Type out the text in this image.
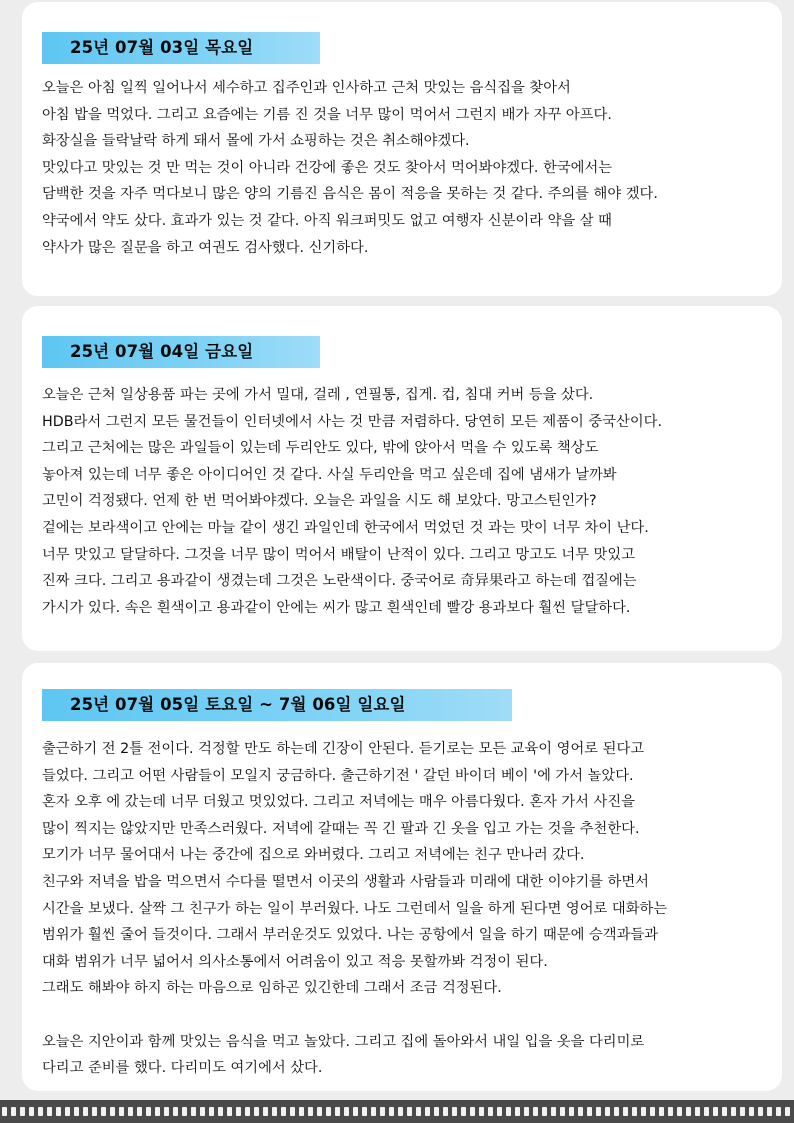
25년 07월 03일 목요일
오늘은 아침 일찍 일어나서 세수하고 집주인과 인사하고 근처 맛있는 음식집을 찾아서
아침 밥을 먹었다. 그리고 요즘에는 기름 진 것을 너무 많이 먹어서 그런지 배가 자꾸 아프다.
화장실을 들락날락 하게 돼서 몰에 가서 쇼핑하는 것은 취소해야겠다.
맛있다고 맛있는 것 만 먹는 것이 아니라 건강에 좋은 것도 찾아서 먹어봐야겠다. 한국에서는
담백한 것을 자주 먹다보니 많은 양의 기름진 음식은 몸이 적응을 못하는 것 같다. 주의를 해야 겠다.
약국에서 약도 샀다. 효과가 있는 것 같다. 아직 워크퍼밋도 없고 여행자 신분이라 약을 살 때
약사가 많은 질문을 하고 여권도 검사했다. 신기하다.
25년 07월 04일 금요일
오늘은 근처 일상용품 파는 곳에 가서 밀대, 걸레 , 연필통, 집게. 컵, 침대 커버 등을 샀다.
HDB라서 그런지 모든 물건들이 인터넷에서 사는 것 만큼 저렴하다. 당연히 모든 제품이 중국산이다.
그리고 근처에는 많은 과일들이 있는데 두리안도 있다, 밖에 앉아서 먹을 수 있도록 책상도
놓아져 있는데 너무 좋은 아이디어인 것 같다. 사실 두리안을 먹고 싶은데 집에 냄새가 날까봐
고민이 걱정됐다. 언제 한 번 먹어봐야겠다. 오늘은 과일을 시도 해 보았다. 망고스틴인가?
겉에는 보라색이고 안에는 마늘 같이 생긴 과일인데 한국에서 먹었던 것 과는 맛이 너무 차이 난다.
너무 맛있고 달달하다. 그것을 너무 많이 먹어서 배탈이 난적이 있다. 그리고 망고도 너무 맛있고
진짜 크다. 그리고 용과같이 생겼는데 그것은 노란색이다. 중국어로 奇异果라고 하는데 껍질에는
가시가 있다. 속은 흰색이고 용과같이 안에는 씨가 많고 흰색인데 빨강 용과보다 훨씬 달달하다.
25년 07월 05일 토요일 ~ 7월 06일 일요일
출근하기 전 2틀 전이다. 걱정할 만도 하는데 긴장이 안된다. 듣기로는 모든 교육이 영어로 된다고
들었다. 그리고 어떤 사람들이 모일지 궁금하다. 출근하기전 ' 갈던 바이더 베이 '에 가서 놀았다.
혼자 오후 에 갔는데 너무 더웠고 멋있었다. 그리고 저녁에는 매우 아름다웠다. 혼자 가서 사진을
많이 찍지는 않았지만 만족스러웠다. 저녁에 갈때는 꼭 긴 팔과 긴 옷을 입고 가는 것을 추천한다.
모기가 너무 물어대서 나는 중간에 집으로 와버렸다. 그리고 저녁에는 친구 만나러 갔다.
친구와 저녁을 밥을 먹으면서 수다를 떨면서 이곳의 생활과 사람들과 미래에 대한 이야기를 하면서
시간을 보냈다. 살짝 그 친구가 하는 일이 부러웠다. 나도 그런데서 일을 하게 된다면 영어로 대화하는
범위가 훨씬 줄어 들것이다. 그래서 부러운것도 있었다. 나는 공항에서 일을 하기 때문에 승객과들과
대화 범위가 너무 넓어서 의사소통에서 어려움이 있고 적응 못할까봐 걱정이 된다.
그래도 해봐야 하지 하는 마음으로 임하곤 있긴한데 그래서 조금 걱정된다.
오늘은 지안이과 함께 맛있는 음식을 먹고 놀았다. 그리고 집에 돌아와서 내일 입을 옷을 다리미로
다리고 준비를 했다. 다리미도 여기에서 샀다.
